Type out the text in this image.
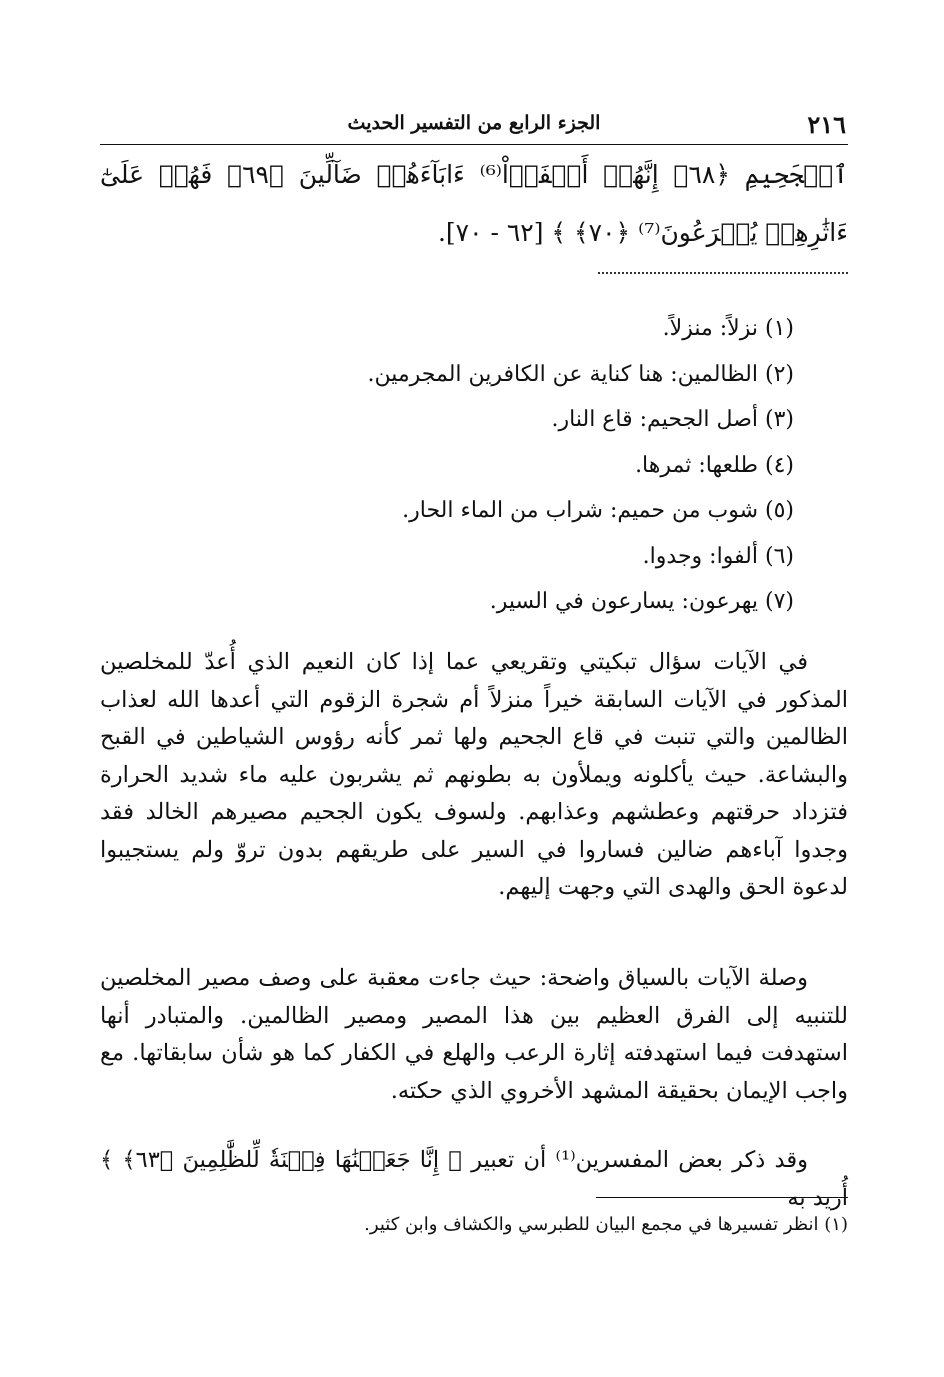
٢١٦
الجزء الرابع من التفسير الحديث
ٱلۡجَحِيمِ ﴿٦٨﴾ إِنَّهُمۡ أَلۡفَوۡاْ⁽⁶⁾ ءَابَآءَهُمۡ ضَآلِّينَ ﴿٦٩﴾ فَهُمۡ عَلَىٰٓ ءَاثَٰرِهِمۡ يُهۡرَعُونَ⁽⁷⁾ ﴿٧٠﴾ ﴾ [٦٢ - ٧٠].
(١) نزلاً: منزلاً.
(٢) الظالمين: هنا كناية عن الكافرين المجرمين.
(٣) أصل الجحيم: قاع النار.
(٤) طلعها: ثمرها.
(٥) شوب من حميم: شراب من الماء الحار.
(٦) ألفوا: وجدوا.
(٧) يهرعون: يسارعون في السير.

في الآيات سؤال تبكيتي وتقريعي عما إذا كان النعيم الذي أُعدّ للمخلصين المذكور في الآيات السابقة خيراً منزلاً أم شجرة الزقوم التي أعدها الله لعذاب الظالمين والتي تنبت في قاع الجحيم ولها ثمر كأنه رؤوس الشياطين في القبح والبشاعة. حيث يأكلونه ويملأون به بطونهم ثم يشربون عليه ماء شديد الحرارة فتزداد حرقتهم وعطشهم وعذابهم. ولسوف يكون الجحيم مصيرهم الخالد فقد وجدوا آباءهم ضالين فساروا في السير على طريقهم بدون تروّ ولم يستجيبوا لدعوة الحق والهدى التي وجهت إليهم.

وصلة الآيات بالسياق واضحة: حيث جاءت معقبة على وصف مصير المخلصين للتنبيه إلى الفرق العظيم بين هذا المصير ومصير الظالمين. والمتبادر أنها استهدفت فيما استهدفته إثارة الرعب والهلع في الكفار كما هو شأن سابقاتها. مع واجب الإيمان بحقيقة المشهد الأخروي الذي حكته.

وقد ذكر بعض المفسرين⁽¹⁾ أن تعبير ﴿ إِنَّا جَعَلۡنَٰهَا فِتۡنَةٗ لِّلظَّٰلِمِينَ ﴿٦٣﴾ ﴾ أُريد به

(١) انظر تفسيرها في مجمع البيان للطبرسي والكشاف وابن كثير.
